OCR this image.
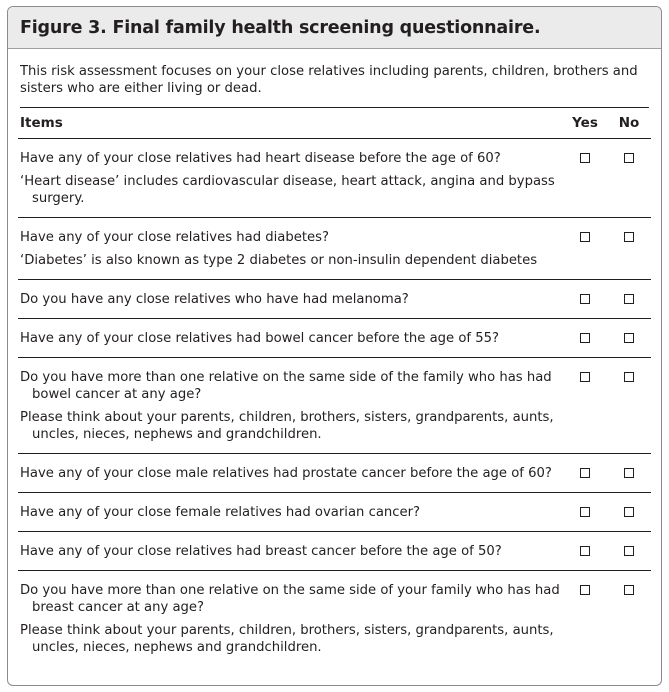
Figure 3. Final family health screening questionnaire.
This risk assessment focuses on your close relatives including parents, children, brothers and sisters who are either living or dead.
Items	Yes	No
Have any of your close relatives had heart disease before the age of 60?
‘Heart disease’ includes cardiovascular disease, heart attack, angina and bypass surgery.
Have any of your close relatives had diabetes?
‘Diabetes’ is also known as type 2 diabetes or non-insulin dependent diabetes
Do you have any close relatives who have had melanoma?
Have any of your close relatives had bowel cancer before the age of 55?
Do you have more than one relative on the same side of the family who has had bowel cancer at any age?
Please think about your parents, children, brothers, sisters, grandparents, aunts, uncles, nieces, nephews and grandchildren.
Have any of your close male relatives had prostate cancer before the age of 60?
Have any of your close female relatives had ovarian cancer?
Have any of your close relatives had breast cancer before the age of 50?
Do you have more than one relative on the same side of your family who has had breast cancer at any age?
Please think about your parents, children, brothers, sisters, grandparents, aunts, uncles, nieces, nephews and grandchildren.
